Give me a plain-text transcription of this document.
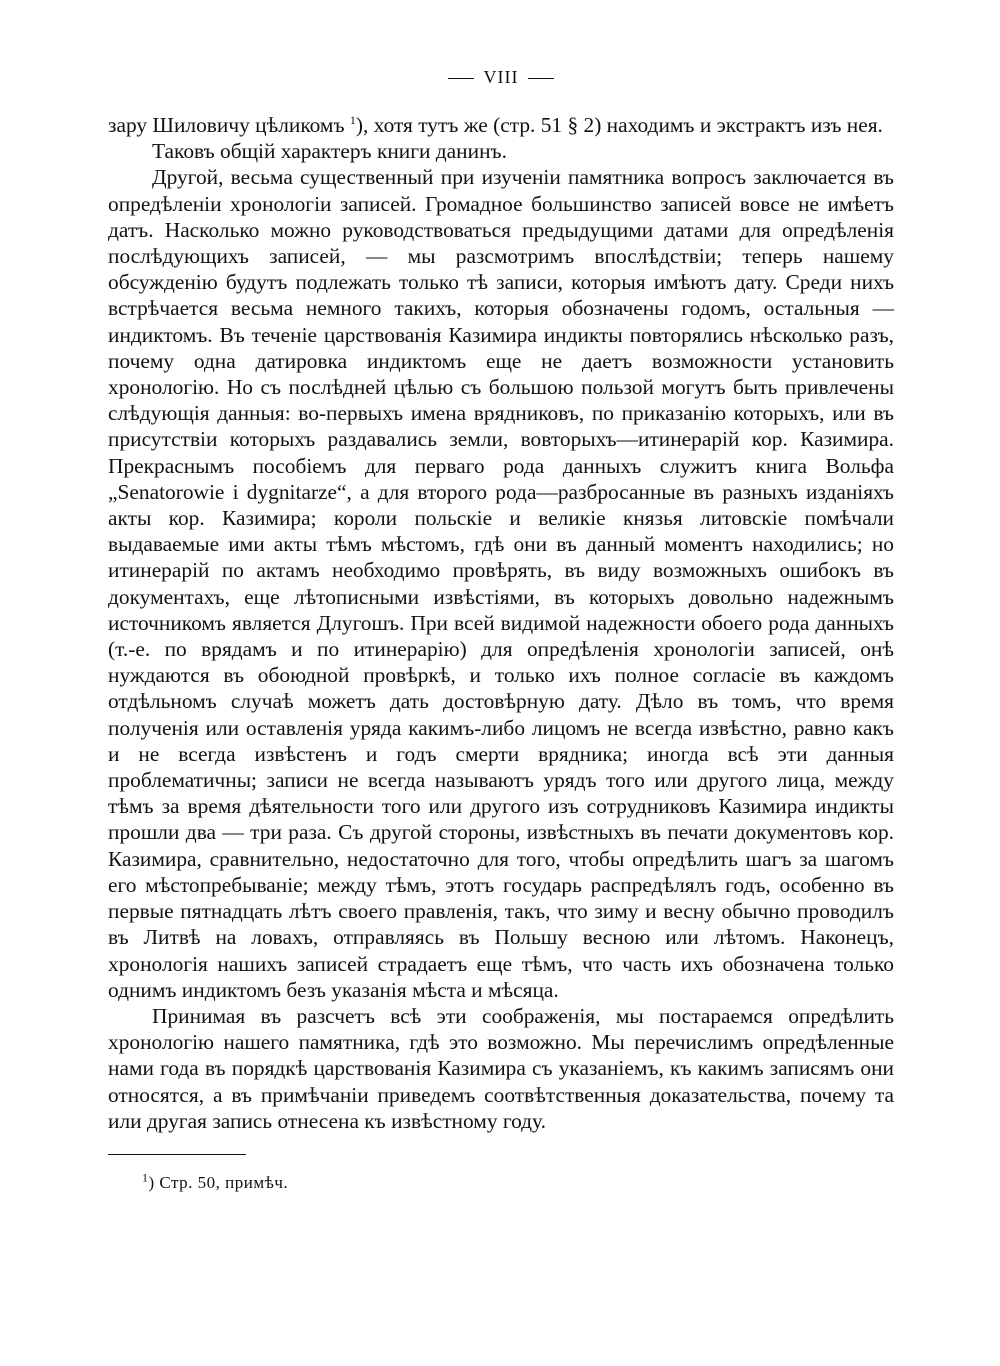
VIII

зару Шиловичу цѣликомъ $^1$), хотя тутъ же (стр. 51 § 2) находимъ и экстрактъ изъ нея.

Таковъ общій характеръ книги данинъ.

Другой, весьма существенный при изученіи памятника вопросъ заключается въ опредѣленіи хронологіи записей. Громадное большинство записей вовсе не имѣетъ датъ. Насколько можно руководствоваться предыдущими датами для опредѣленія послѣдующихъ записей, — мы разсмотримъ впослѣдствіи; теперь нашему обсужденію будутъ подлежать только тѣ записи, которыя имѣютъ дату. Среди нихъ встрѣчается весьма немного такихъ, которыя обозначены годомъ, остальныя — индиктомъ. Въ теченіе царствованія Казимира индикты повторялись нѣсколько разъ, почему одна датировка индиктомъ еще не даетъ возможности установить хронологію. Но съ послѣдней цѣлью съ большою пользой могутъ быть привлечены слѣдующія данныя: во-первыхъ имена врядниковъ, по приказанію которыхъ, или въ присутствіи которыхъ раздавались земли, вовторыхъ—итинерарій кор. Казимира. Прекраснымъ пособіемъ для перваго рода данныхъ служитъ книга Вольфа „Senatorowie i dygnitarze“, а для второго рода—разбросанные въ разныхъ изданіяхъ акты кор. Казимира; короли польскіе и великіе князья литовскіе помѣчали выдаваемые ими акты тѣмъ мѣстомъ, гдѣ они въ данный моментъ находились; но итинерарій по актамъ необходимо провѣрять, въ виду возможныхъ ошибокъ въ документахъ, еще лѣтописными извѣстіями, въ которыхъ довольно надежнымъ источникомъ является Длугошъ. При всей видимой надежности обоего рода данныхъ (т.-е. по врядамъ и по итинерарію) для опредѣленія хронологіи записей, онѣ нуждаются въ обоюдной провѣркѣ, и только ихъ полное согласіе въ каждомъ отдѣльномъ случаѣ можетъ дать достовѣрную дату. Дѣло въ томъ, что время полученія или оставленія уряда какимъ-либо лицомъ не всегда извѣстно, равно какъ и не всегда извѣстенъ и годъ смерти врядника; иногда всѣ эти данныя проблематичны; записи не всегда называютъ урядъ того или другого лица, между тѣмъ за время дѣятельности того или другого изъ сотрудниковъ Казимира индикты прошли два — три раза. Съ другой стороны, извѣстныхъ въ печати документовъ кор. Казимира, сравнительно, недостаточно для того, чтобы опредѣлить шагъ за шагомъ его мѣстопребываніе; между тѣмъ, этотъ государь распредѣлялъ годъ, особенно въ первые пятнадцать лѣтъ своего правленія, такъ, что зиму и весну обычно проводилъ въ Литвѣ на ловахъ, отправляясь въ Польшу весною или лѣтомъ. Наконецъ, хронологія нашихъ записей страдаетъ еще тѣмъ, что часть ихъ обозначена только однимъ индиктомъ безъ указанія мѣста и мѣсяца.

Принимая въ разсчетъ всѣ эти соображенія, мы постараемся опредѣлить хронологію нашего памятника, гдѣ это возможно. Мы перечислимъ опредѣленные нами года въ порядкѣ царствованія Казимира съ указаніемъ, къ какимъ записямъ они относятся, а въ примѣчаніи приведемъ соотвѣтственныя доказательства, почему та или другая запись отнесена къ извѣстному году.

$^1$) Стр. 50, примѣч.
